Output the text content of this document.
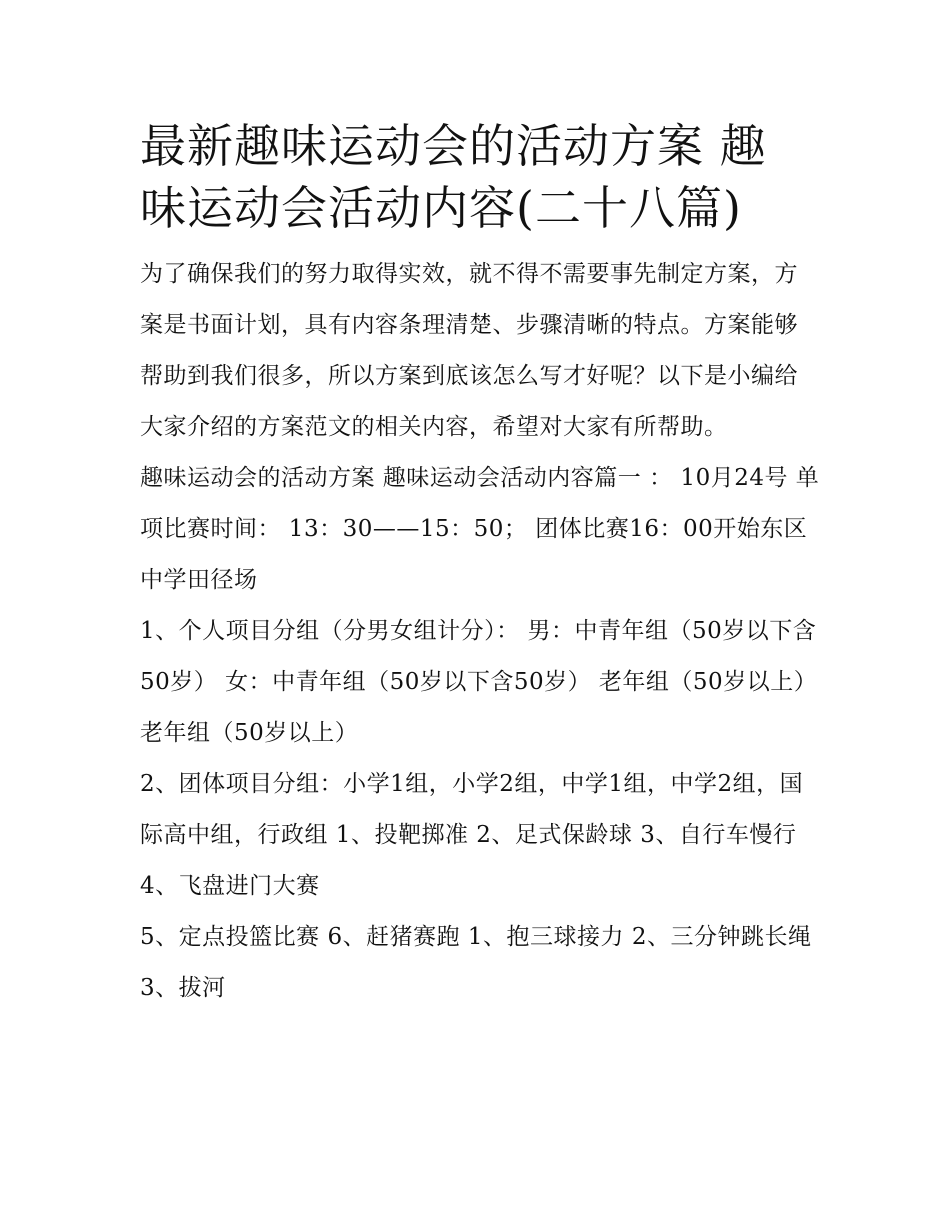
最新趣味运动会的活动方案 趣
味运动会活动内容(二十八篇)

为了确保我们的努力取得实效，就不得不需要事先制定方案，方案是书面计划，具有内容条理清楚、步骤清晰的特点。方案能够帮助到我们很多，所以方案到底该怎么写才好呢？以下是小编给大家介绍的方案范文的相关内容，希望对大家有所帮助。

趣味运动会的活动方案 趣味运动会活动内容篇一 ： 10月24号 单项比赛时间： 13：30——15：50； 团体比赛16：00开始东区中学田径场

1、个人项目分组（分男女组计分）： 男：中青年组（50岁以下含50岁） 女：中青年组（50岁以下含50岁） 老年组（50岁以上）老年组（50岁以上）

2、团体项目分组：小学1组，小学2组，中学1组，中学2组，国际高中组，行政组 1、投靶掷准 2、足式保龄球 3、自行车慢行 4、飞盘进门大赛

5、定点投篮比赛 6、赶猪赛跑 1、抱三球接力 2、三分钟跳长绳 3、拔河
